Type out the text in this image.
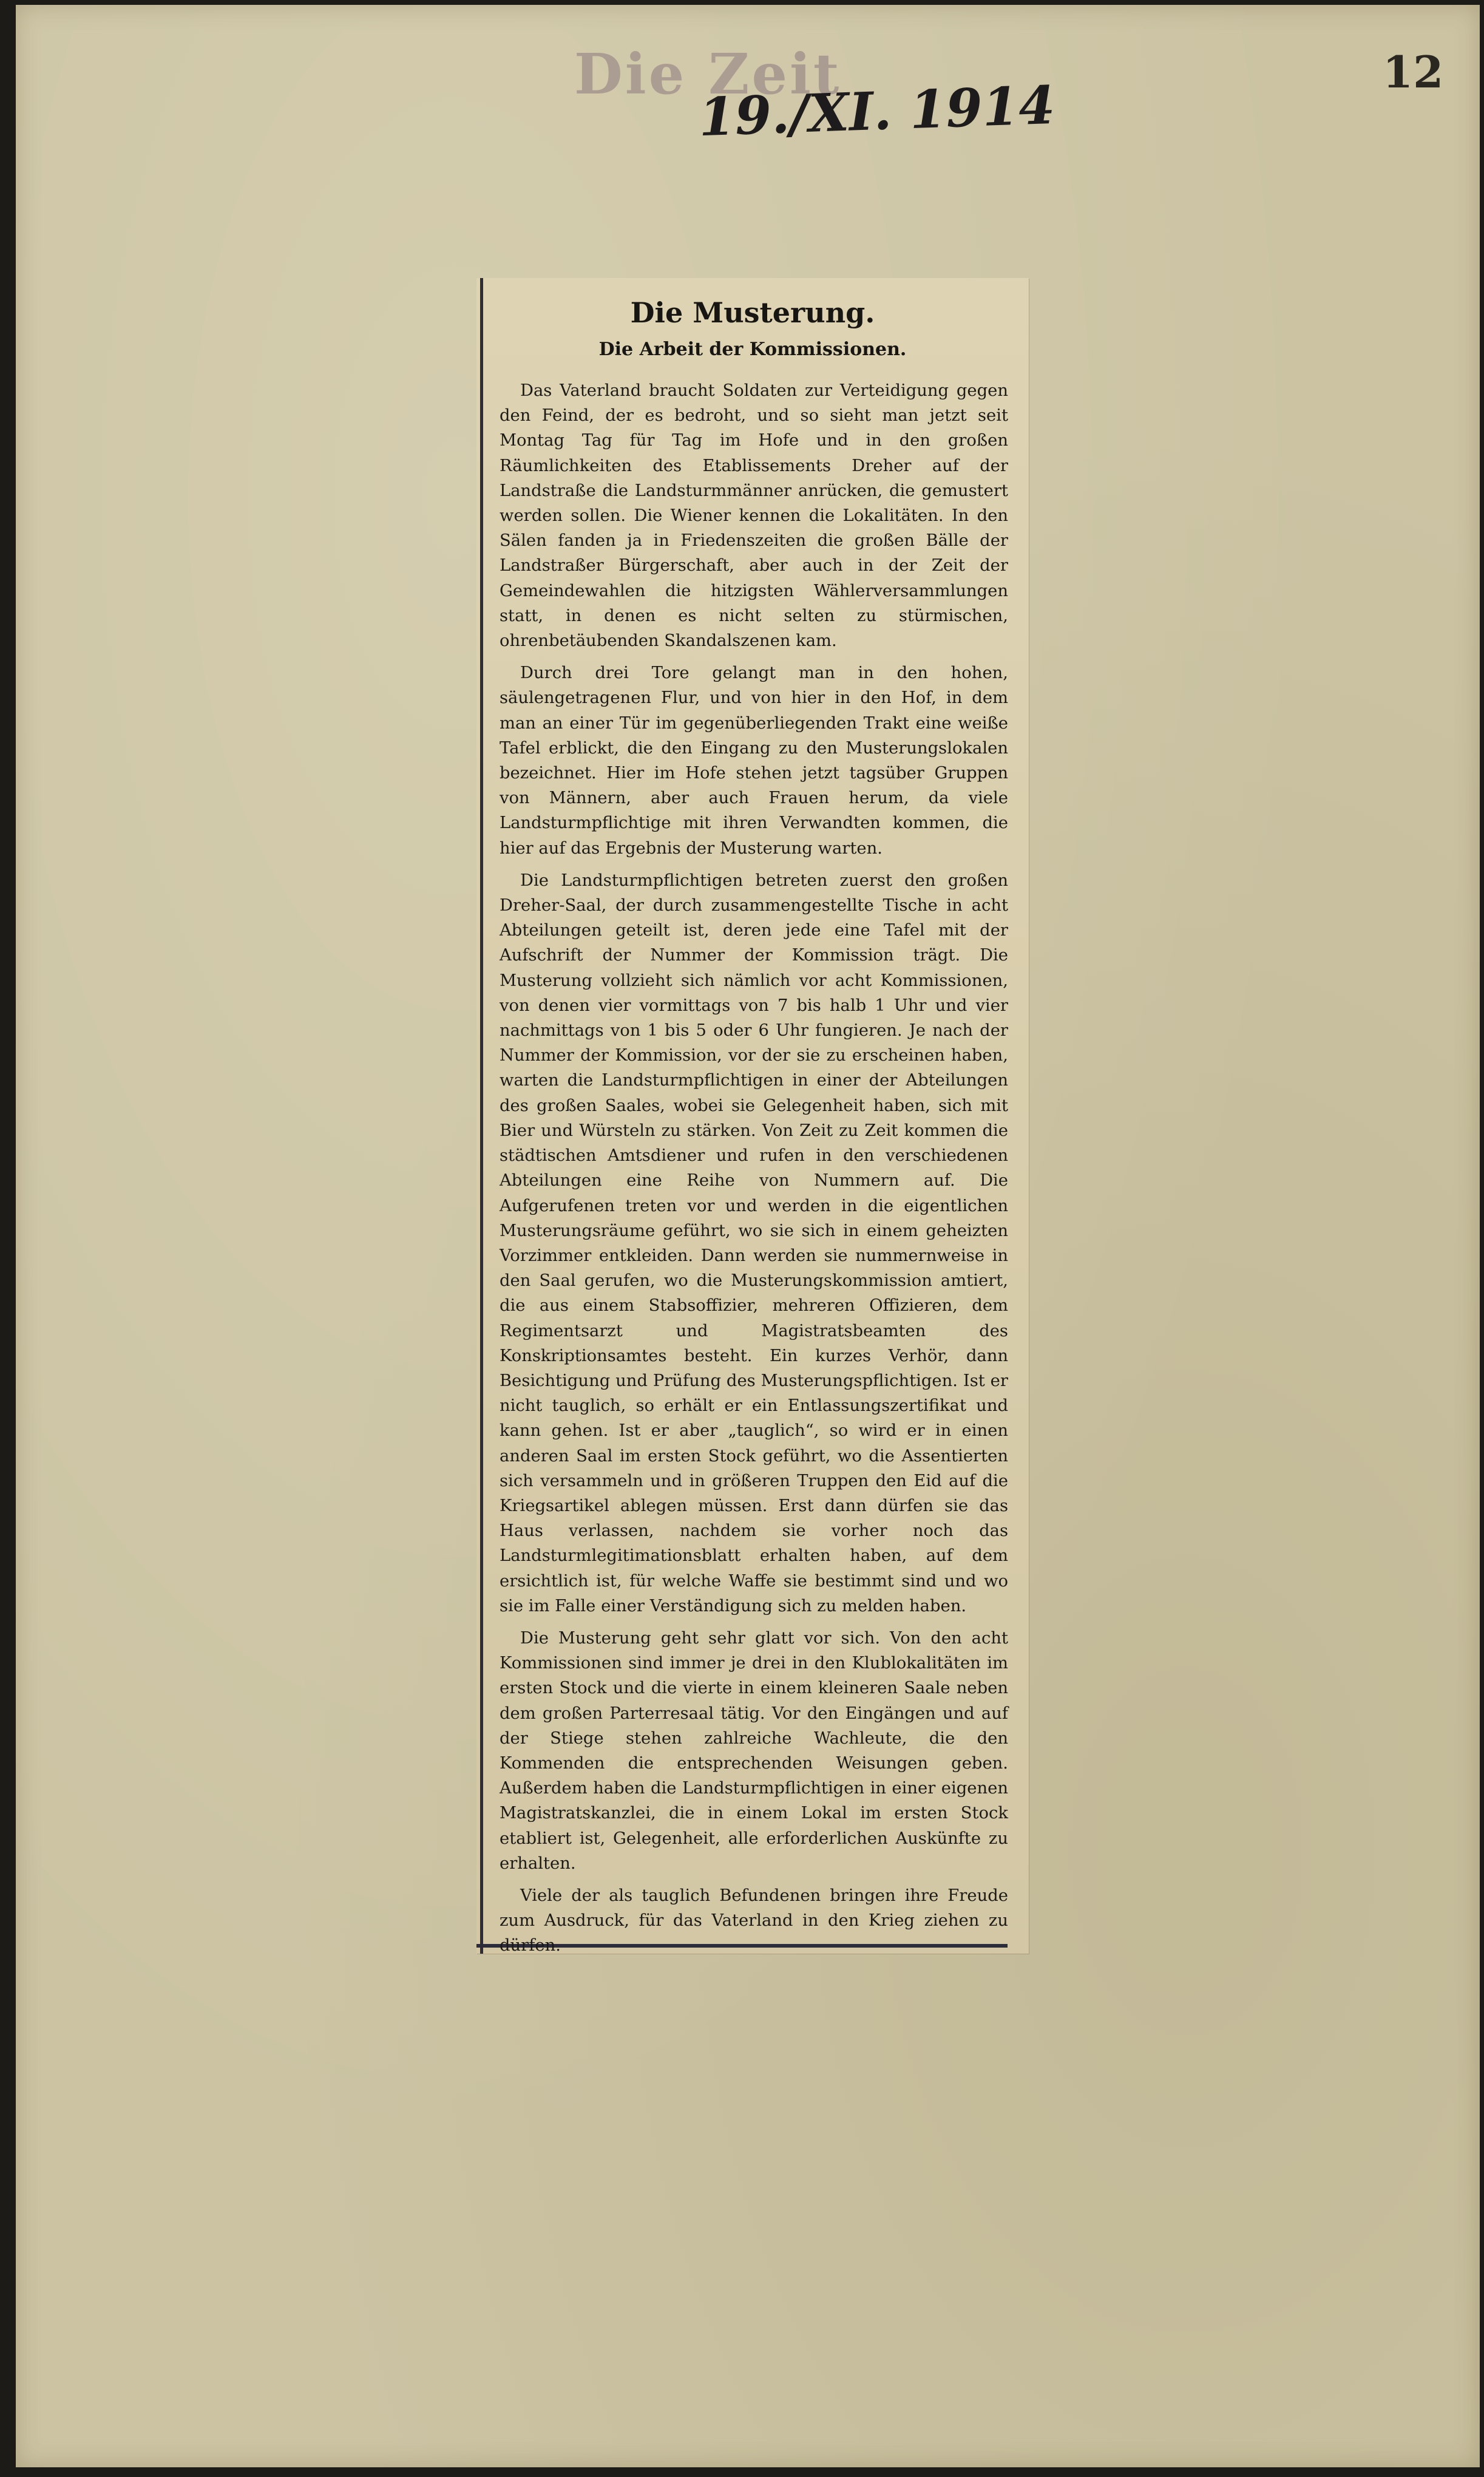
Die Zeit
19./XI. 1914
12
Die Musterung.
Die Arbeit der Kommissionen.

Das Vaterland braucht Soldaten zur Verteidigung gegen den Feind, der es bedroht, und so sieht man jetzt seit Montag Tag für Tag im Hofe und in den großen Räumlichkeiten des Etablissements Dreher auf der Landstraße die Landsturmmänner anrücken, die gemustert werden sollen. Die Wiener kennen die Lokalitäten. In den Sälen fanden ja in Friedenszeiten die großen Bälle der Landstraßer Bürgerschaft, aber auch in der Zeit der Gemeindewahlen die hitzigsten Wählerversammlungen statt, in denen es nicht selten zu stürmischen, ohrenbetäubenden Skandalszenen kam.

Durch drei Tore gelangt man in den hohen, säulengetragenen Flur, und von hier in den Hof, in dem man an einer Tür im gegenüberliegenden Trakt eine weiße Tafel erblickt, die den Eingang zu den Musterungslokalen bezeichnet. Hier im Hofe stehen jetzt tagsüber Gruppen von Männern, aber auch Frauen herum, da viele Landsturmpflichtige mit ihren Verwandten kommen, die hier auf das Ergebnis der Musterung warten.

Die Landsturmpflichtigen betreten zuerst den großen Dreher-Saal, der durch zusammengestellte Tische in acht Abteilungen geteilt ist, deren jede eine Tafel mit der Aufschrift der Nummer der Kommission trägt. Die Musterung vollzieht sich nämlich vor acht Kommissionen, von denen vier vormittags von 7 bis halb 1 Uhr und vier nachmittags von 1 bis 5 oder 6 Uhr fungieren. Je nach der Nummer der Kommission, vor der sie zu erscheinen haben, warten die Landsturmpflichtigen in einer der Abteilungen des großen Saales, wobei sie Gelegenheit haben, sich mit Bier und Würsteln zu stärken. Von Zeit zu Zeit kommen die städtischen Amtsdiener und rufen in den verschiedenen Abteilungen eine Reihe von Nummern auf. Die Aufgerufenen treten vor und werden in die eigentlichen Musterungsräume geführt, wo sie sich in einem geheizten Vorzimmer entkleiden. Dann werden sie nummernweise in den Saal gerufen, wo die Musterungskommission amtiert, die aus einem Stabsoffizier, mehreren Offizieren, dem Regimentsarzt und Magistratsbeamten des Konskriptionsamtes besteht. Ein kurzes Verhör, dann Besichtigung und Prüfung des Musterungspflichtigen. Ist er nicht tauglich, so erhält er ein Entlassungszertifikat und kann gehen. Ist er aber „tauglich“, so wird er in einen anderen Saal im ersten Stock geführt, wo die Assentierten sich versammeln und in größeren Truppen den Eid auf die Kriegsartikel ablegen müssen. Erst dann dürfen sie das Haus verlassen, nachdem sie vorher noch das Landsturmlegitimationsblatt erhalten haben, auf dem ersichtlich ist, für welche Waffe sie bestimmt sind und wo sie im Falle einer Verständigung sich zu melden haben.

Die Musterung geht sehr glatt vor sich. Von den acht Kommissionen sind immer je drei in den Klublokalitäten im ersten Stock und die vierte in einem kleineren Saale neben dem großen Parterresaal tätig. Vor den Eingängen und auf der Stiege stehen zahlreiche Wachleute, die den Kommenden die entsprechenden Weisungen geben. Außerdem haben die Landsturmpflichtigen in einer eigenen Magistratskanzlei, die in einem Lokal im ersten Stock etabliert ist, Gelegenheit, alle erforderlichen Auskünfte zu erhalten.

Viele der als tauglich Befundenen bringen ihre Freude zum Ausdruck, für das Vaterland in den Krieg ziehen zu dürfen.
